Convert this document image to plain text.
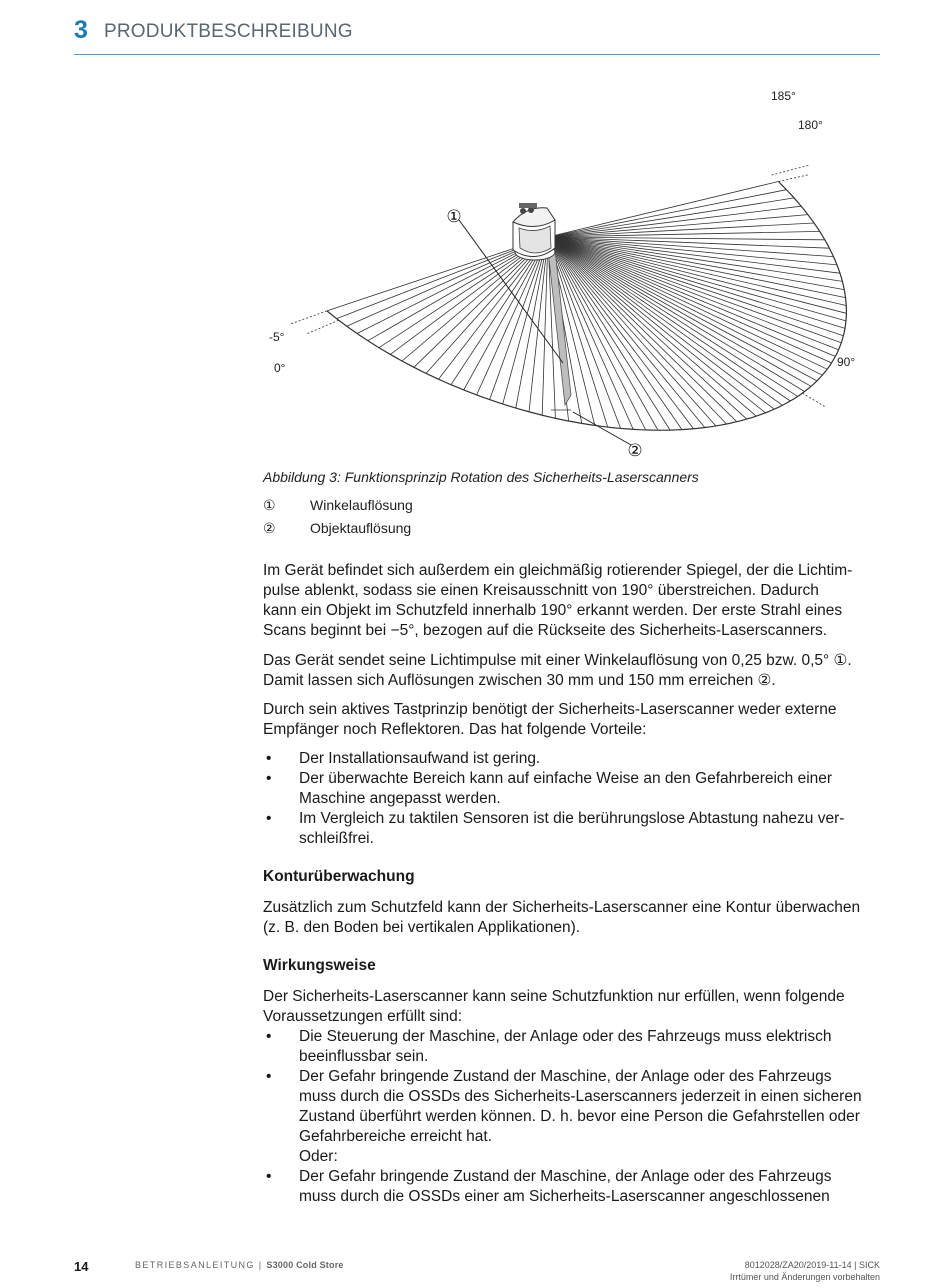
3 PRODUKTBESCHREIBUNG
①
②
185°
180°
90°
-5°
0°
Abbildung 3: Funktionsprinzip Rotation des Sicherheits-Laserscanners
① Winkelauflösung
② Objektauflösung

Im Gerät befindet sich außerdem ein gleichmäßig rotierender Spiegel, der die Lichtim-

pulse ablenkt, sodass sie einen Kreisausschnitt von 190° überstreichen. Dadurch

kann ein Objekt im Schutzfeld innerhalb 190° erkannt werden. Der erste Strahl eines

Scans beginnt bei −5°, bezogen auf die Rückseite des Sicherheits-Laserscanners.

Das Gerät sendet seine Lichtimpulse mit einer Winkelauflösung von 0,25 bzw. 0,5° ①.

Damit lassen sich Auflösungen zwischen 30 mm und 150 mm erreichen ②.

Durch sein aktives Tastprinzip benötigt der Sicherheits-Laserscanner weder externe

Empfänger noch Reflektoren. Das hat folgende Vorteile:

• Der Installationsaufwand ist gering.
• Der überwachte Bereich kann auf einfache Weise an den Gefahrbereich einer
Maschine angepasst werden.
• Im Vergleich zu taktilen Sensoren ist die berührungslose Abtastung nahezu ver-
schleißfrei.
Konturüberwachung

Zusätzlich zum Schutzfeld kann der Sicherheits-Laserscanner eine Kontur überwachen

(z. B. den Boden bei vertikalen Applikationen).

Wirkungsweise

Der Sicherheits-Laserscanner kann seine Schutzfunktion nur erfüllen, wenn folgende

Voraussetzungen erfüllt sind:

• Die Steuerung der Maschine, der Anlage oder des Fahrzeugs muss elektrisch
beeinflussbar sein.
• Der Gefahr bringende Zustand der Maschine, der Anlage oder des Fahrzeugs
muss durch die OSSDs des Sicherheits-Laserscanners jederzeit in einen sicheren
Zustand überführt werden können. D. h. bevor eine Person die Gefahrstellen oder
Gefahrbereiche erreicht hat.
Oder:
• Der Gefahr bringende Zustand der Maschine, der Anlage oder des Fahrzeugs
muss durch die OSSDs einer am Sicherheits-Laserscanner angeschlossenen
14	BETRIEBSANLEITUNG | S3000 Cold Store	8012028/ZA20/2019-11-14 | SICK
Irrtümer und Änderungen vorbehalten
